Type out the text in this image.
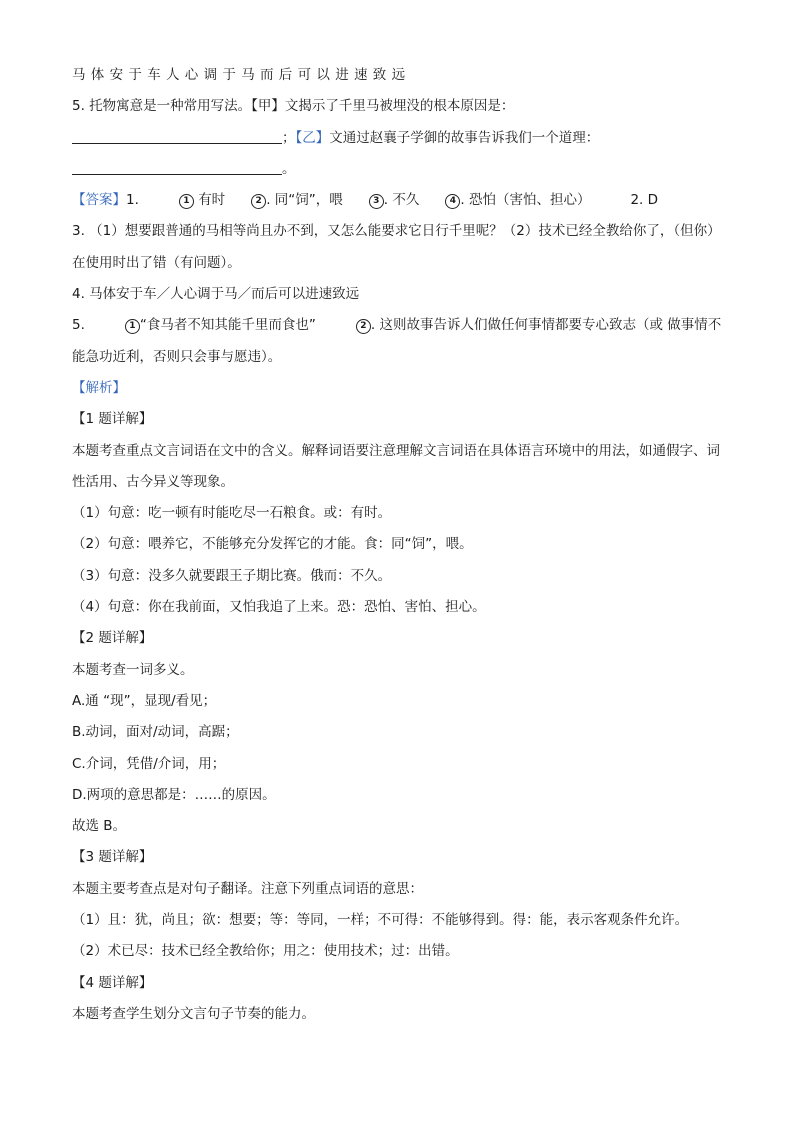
马体安于车人心调于马而后可以进速致远

5. 托物寓意是一种常用写法。【甲】文揭示了千里马被埋没的根本原因是：

；【乙】文通过赵襄子学御的故事告诉我们一个道理：

。

【答案】1.	1 有时	2 . 同“饲”，喂	3 . 不久	4 . 恐怕（害怕、担心）	2. D

3. （1）想要跟普通的马相等尚且办不到，又怎么能要求它日行千里呢？（2）技术已经全教给你了，（但你）在使用时出了错（有问题）。

4. 马体安于车／人心调于马／而后可以进速致远

5.	1 “食马者不知其能千里而食也”	2 . 这则故事告诉人们做任何事情都要专心致志（或 做事情不能急功近利，否则只会事与愿违）。

【解析】

【1 题详解】

本题考查重点文言词语在文中的含义。解释词语要注意理解文言词语在具体语言环境中的用法，如通假字、词性活用、古今异义等现象。

（1）句意：吃一顿有时能吃尽一石粮食。或：有时。

（2）句意：喂养它，不能够充分发挥它的才能。食：同“饲”，喂。

（3）句意：没多久就要跟王子期比赛。俄而：不久。

（4）句意：你在我前面，又怕我追了上来。恐：恐怕、害怕、担心。

【2 题详解】

本题考查一词多义。

A.通 “现”，显现/看见；

B.动词，面对/动词，高踞；

C.介词，凭借/介词，用；

D.两项的意思都是：……的原因。

故选 B。

【3 题详解】

本题主要考查点是对句子翻译。注意下列重点词语的意思：

（1）且：犹，尚且；欲：想要；等：等同，一样；不可得：不能够得到。得：能，表示客观条件允许。

（2）术已尽：技术已经全教给你；用之：使用技术；过：出错。

【4 题详解】

本题考查学生划分文言句子节奏的能力。
